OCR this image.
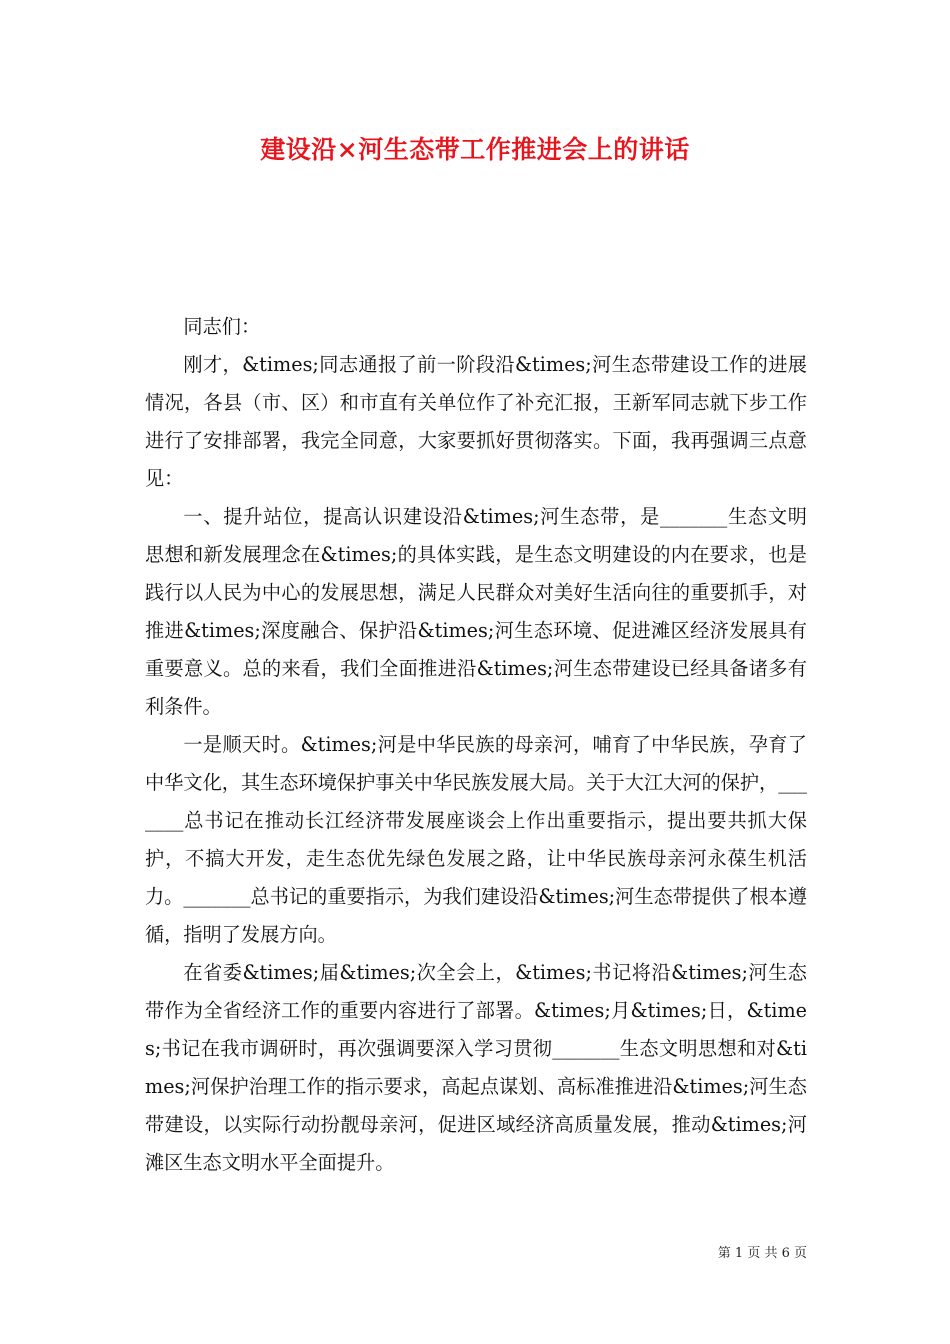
建设沿×河生态带工作推进会上的讲话

同志们：

刚才，&times;同志通报了前一阶段沿&times;河生态带建设工作的进展情况，各县（市、区）和市直有关单位作了补充汇报，王新军同志就下步工作进行了安排部署，我完全同意，大家要抓好贯彻落实。下面，我再强调三点意见：

一、提升站位，提高认识建设沿&times;河生态带，是_______生态文明思想和新发展理念在&times;的具体实践，是生态文明建设的内在要求，也是践行以人民为中心的发展思想，满足人民群众对美好生活向往的重要抓手，对推进&times;深度融合、保护沿&times;河生态环境、促进滩区经济发展具有重要意义。总的来看，我们全面推进沿&times;河生态带建设已经具备诸多有利条件。

一是顺天时。&times;河是中华民族的母亲河，哺育了中华民族，孕育了中华文化，其生态环境保护事关中华民族发展大局。关于大江大河的保护，_______总书记在推动长江经济带发展座谈会上作出重要指示，提出要共抓大保护，不搞大开发，走生态优先绿色发展之路，让中华民族母亲河永葆生机活力。_______总书记的重要指示，为我们建设沿&times;河生态带提供了根本遵循，指明了发展方向。

在省委&times;届&times;次全会上，&times;书记将沿&times;河生态带作为全省经济工作的重要内容进行了部署。&times;月&times;日，&times;书记在我市调研时，再次强调要深入学习贯彻_______生态文明思想和对&times;河保护治理工作的指示要求，高起点谋划、高标准推进沿&times;河生态带建设，以实际行动扮靓母亲河，促进区域经济高质量发展，推动&times;河滩区生态文明水平全面提升。

第 1 页 共 6 页
